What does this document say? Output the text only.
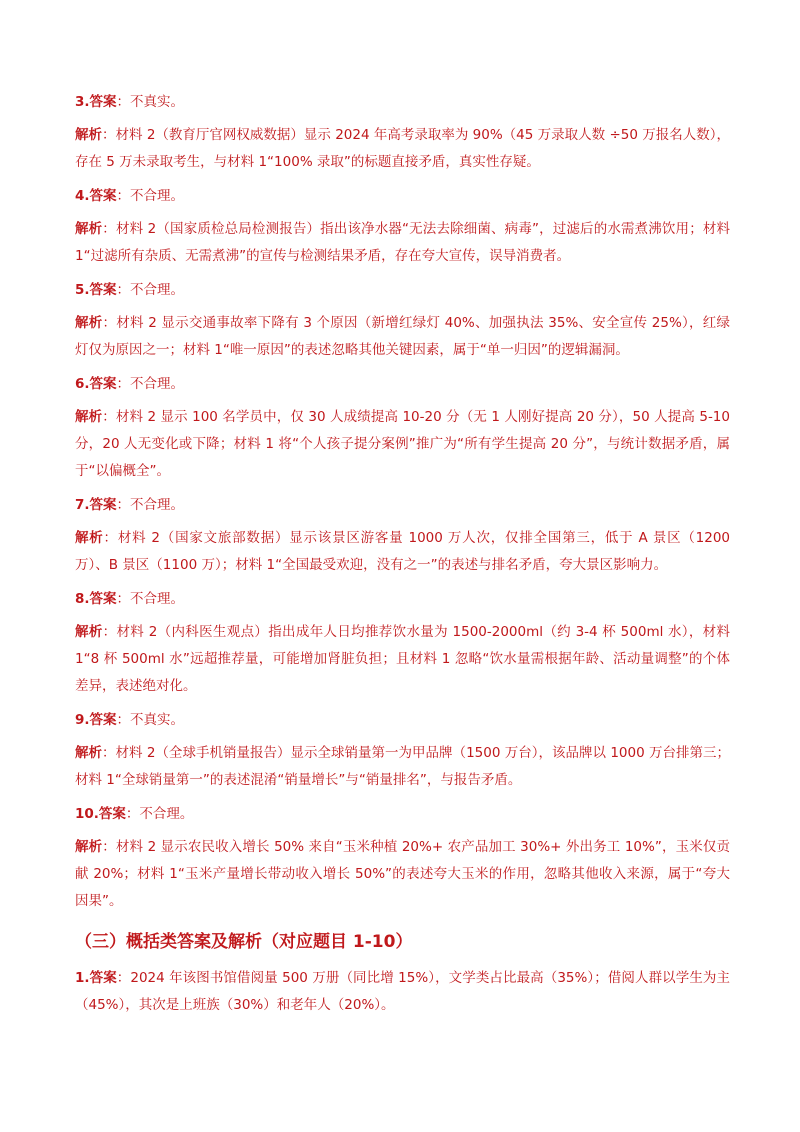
3.答案：不真实。

解析：材料 2（教育厅官网权威数据）显示 2024 年高考录取率为 90%（45 万录取人数 ÷50 万报名人数），存在 5 万未录取考生，与材料 1“100% 录取”的标题直接矛盾，真实性存疑。

4.答案：不合理。

解析：材料 2（国家质检总局检测报告）指出该净水器“无法去除细菌、病毒”，过滤后的水需煮沸饮用；材料 1“过滤所有杂质、无需煮沸”的宣传与检测结果矛盾，存在夸大宣传，误导消费者。

5.答案：不合理。

解析：材料 2 显示交通事故率下降有 3 个原因（新增红绿灯 40%、加强执法 35%、安全宣传 25%），红绿灯仅为原因之一；材料 1“唯一原因”的表述忽略其他关键因素，属于“单一归因”的逻辑漏洞。

6.答案：不合理。

解析：材料 2 显示 100 名学员中，仅 30 人成绩提高 10-20 分（无 1 人刚好提高 20 分），50 人提高 5-10 分，20 人无变化或下降；材料 1 将“个人孩子提分案例”推广为“所有学生提高 20 分”，与统计数据矛盾，属于“以偏概全”。

7.答案：不合理。

解析：材料 2（国家文旅部数据）显示该景区游客量 1000 万人次，仅排全国第三，低于 A 景区（1200 万）、B 景区（1100 万）；材料 1“全国最受欢迎，没有之一”的表述与排名矛盾，夸大景区影响力。

8.答案：不合理。

解析：材料 2（内科医生观点）指出成年人日均推荐饮水量为 1500-2000ml（约 3-4 杯 500ml 水），材料 1“8 杯 500ml 水”远超推荐量，可能增加肾脏负担；且材料 1 忽略“饮水量需根据年龄、活动量调整”的个体差异，表述绝对化。

9.答案：不真实。

解析：材料 2（全球手机销量报告）显示全球销量第一为甲品牌（1500 万台），该品牌以 1000 万台排第三；材料 1“全球销量第一”的表述混淆“销量增长”与“销量排名”，与报告矛盾。

10.答案：不合理。

解析：材料 2 显示农民收入增长 50% 来自“玉米种植 20%+ 农产品加工 30%+ 外出务工 10%”，玉米仅贡献 20%；材料 1“玉米产量增长带动收入增长 50%”的表述夸大玉米的作用，忽略其他收入来源，属于“夸大因果”。

（三）概括类答案及解析（对应题目 1-10）

1.答案：2024 年该图书馆借阅量 500 万册（同比增 15%），文学类占比最高（35%）；借阅人群以学生为主（45%），其次是上班族（30%）和老年人（20%）。
